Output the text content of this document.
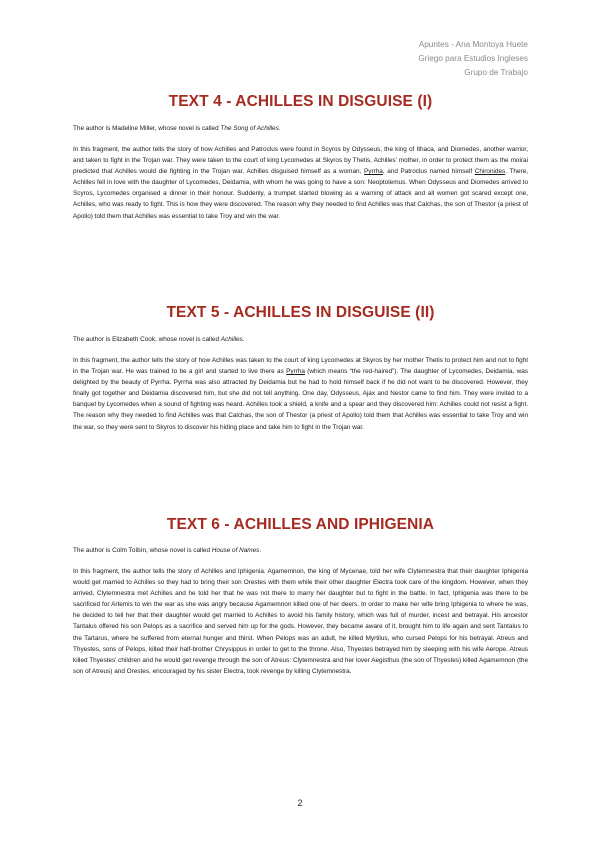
Apuntes - Ana Montoya Huete
Griego para Estudios Ingleses
Grupo de Trabajo
TEXT 4 - ACHILLES IN DISGUISE (I)

The author is Madeline Miller, whose novel is called The Song of Achilles.

In this fragment, the author tells the story of how Achilles and Patroclus were found in Scyros by Odysseus, the king of Ithaca, and Diomedes, another warrior, and taken to fight in the Trojan war. They were taken to the court of king Lycomedes at Skyros by Thetis, Achilles’ mother, in order to protect them as the moirai predicted that Achilles would die fighting in the Trojan war. Achilles disguised himself as a woman, Pyrrha, and Patroclus named himself Chironides. There, Achilles fell in love with the daughter of Lycomedes, Deidamia, with whom he was going to have a son: Neoptolemus. When Odysseus and Diomedes arrived to Scyros, Lycomedes organised a dinner in their honour. Suddenly, a trumpet started blowing as a warning of attack and all women got scared except one, Achilles, who was ready to fight. This is how they were discovered. The reason why they needed to find Achilles was that Calchas, the son of Thestor (a priest of Apollo) told them that Achilles was essential to take Troy and win the war.

TEXT 5 - ACHILLES IN DISGUISE (II)

The author is Elizabeth Cook, whose novel is called Achilles.

In this fragment, the author tells the story of how Achilles was taken to the court of king Lycomedes at Skyros by her mother Thetis to protect him and not to fight in the Trojan war. He was trained to be a girl and started to live there as Pyrrha (which means “the red-haired”). The daughter of Lycomedes, Deidamia, was delighted by the beauty of Pyrrha. Pyrrha was also attracted by Deidamia but he had to hold himself back if he did not want to be discovered. However, they finally got together and Deidamia discovered him, but she did not tell anything. One day, Odysseus, Ajax and Nestor came to find him. They were invited to a banquet by Lycomedes when a sound of fighting was heard. Achilles took a shield, a knife and a spear and they discovered him: Achilles could not resist a fight. The reason why they needed to find Achilles was that Calchas, the son of Thestor (a priest of Apollo) told them that Achilles was essential to take Troy and win the war, so they were sent to Skyros to discover his hiding place and take him to fight in the Trojan war.

TEXT 6 - ACHILLES AND IPHIGENIA

The author is Colm Toíbín, whose novel is called House of Names.

In this fragment, the author tells the story of Achilles and Iphigenia. Agamemnon, the king of Mycenae, told her wife Clytemnestra that their daughter Iphigenia would get married to Achilles so they had to bring their son Orestes with them while their other daughter Electra took care of the kingdom. However, when they arrived, Clytemnestra met Achilles and he told her that he was not there to marry her daughter but to fight in the battle. In fact, Iphigenia was there to be sacrificed for Artemis to win the war as she was angry because Agamemnon killed one of her deers. In order to make her wife bring Iphigenia to where he was, he decided to tell her that their daughter would get married to Achilles to avoid his family history, which was full of murder, incest and betrayal. His ancestor Tantalus offered his son Pelops as a sacrifice and served him up for the gods. However, they became aware of it, brought him to life again and sent Tantalus to the Tartarus, where he suffered from eternal hunger and thirst. When Pelops was an adult, he killed Myrtilus, who cursed Pelops for his betrayal. Atreus and Thyestes, sons of Pelops, killed their half-brother Chrysippus in order to get to the throne. Also, Thyestes betrayed him by sleeping with his wife Aerope. Atreus killed Thyestes’ children and he would get revenge through the son of Atreus: Clytemnestra and her lover Aegisthus (the son of Thyestes) killed Agamemnon (the son of Atreus) and Orestes, encouraged by his sister Electra, took revenge by killing Clytemnestra.

2
